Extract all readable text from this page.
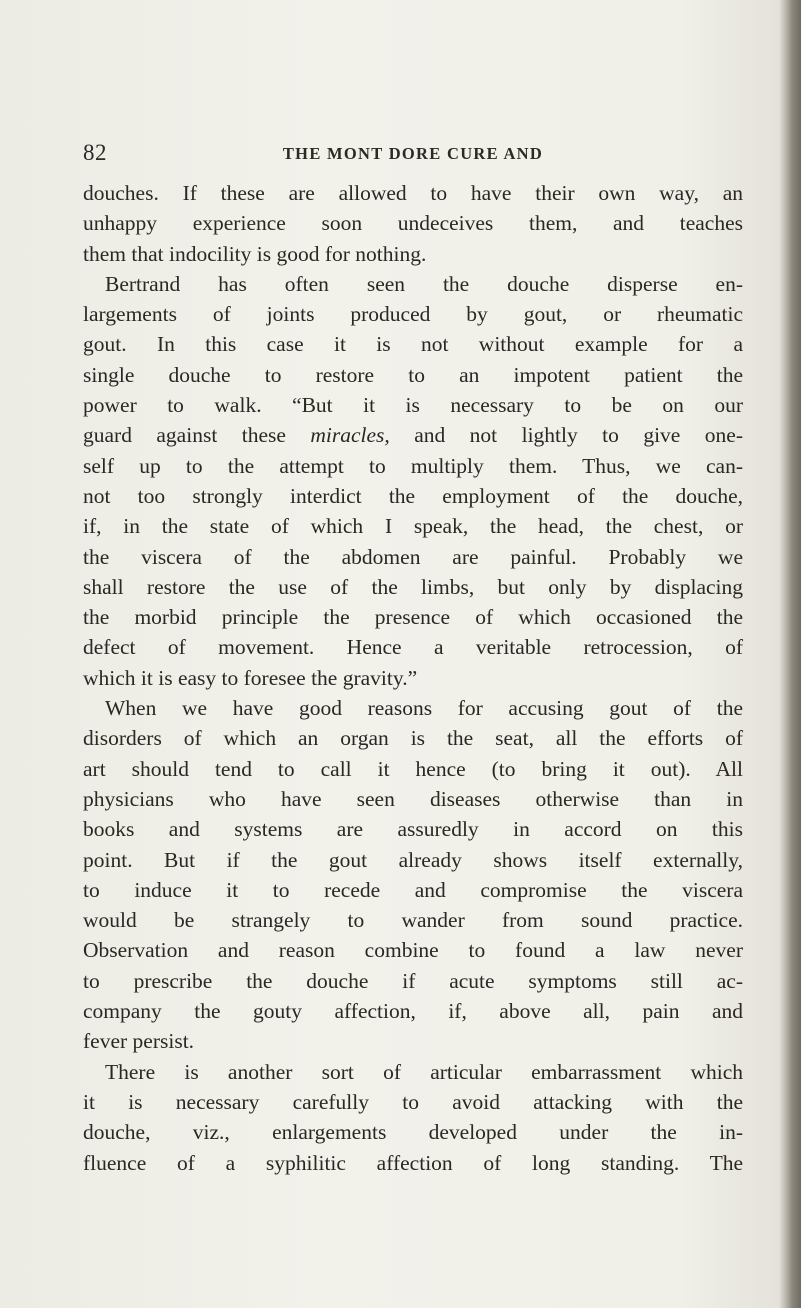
82	THE MONT DORE CURE AND
douches. If these are allowed to have their own way, an
unhappy experience soon undeceives them, and teaches
them that indocility is good for nothing.
Bertrand has often seen the douche disperse en-
largements of joints produced by gout, or rheumatic
gout. In this case it is not without example for a
single douche to restore to an impotent patient the
power to walk. “But it is necessary to be on our
guard against these miracles, and not lightly to give one-
self up to the attempt to multiply them. Thus, we can-
not too strongly interdict the employment of the douche,
if, in the state of which I speak, the head, the chest, or
the viscera of the abdomen are painful. Probably we
shall restore the use of the limbs, but only by displacing
the morbid principle the presence of which occasioned the
defect of movement. Hence a veritable retrocession, of
which it is easy to foresee the gravity.”
When we have good reasons for accusing gout of the
disorders of which an organ is the seat, all the efforts of
art should tend to call it hence (to bring it out). All
physicians who have seen diseases otherwise than in
books and systems are assuredly in accord on this
point. But if the gout already shows itself externally,
to induce it to recede and compromise the viscera
would be strangely to wander from sound practice.
Observation and reason combine to found a law never
to prescribe the douche if acute symptoms still ac-
company the gouty affection, if, above all, pain and
fever persist.
There is another sort of articular embarrassment which
it is necessary carefully to avoid attacking with the
douche, viz., enlargements developed under the in-
fluence of a syphilitic affection of long standing. The
